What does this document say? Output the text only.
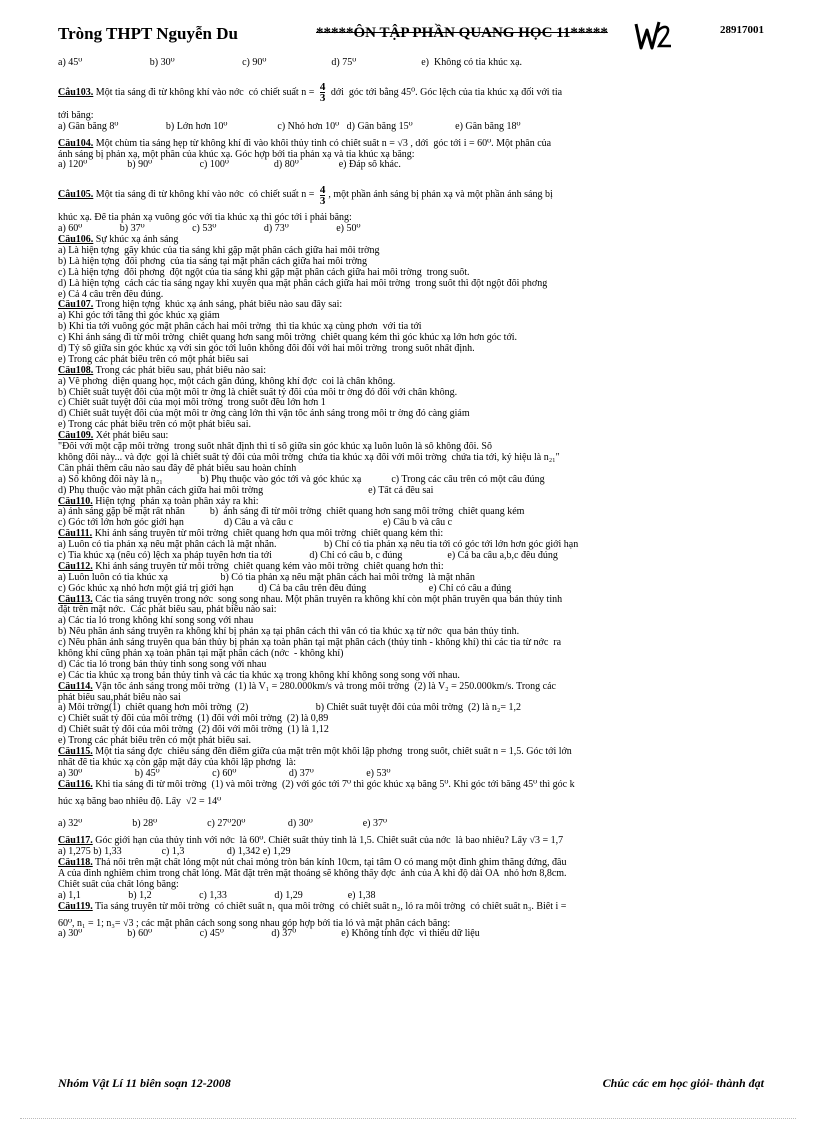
Tròng THPT Nguyễn Du	*****ÔN TẬP PHẦN QUANG HỌC 11*****	28917001
a) 45⁰                           b) 30⁰                           c) 90⁰                          d) 75⁰                          e)  Không có tia khúc xạ.
Câu103. Một tia sáng đi từ không khí vào nớc  có chiết suất $n = \frac{4}{3}$ dới  góc tới bằng 45⁰. Góc lệch của tia khúc xạ đối với tia
tới bằng:
a) Gần bằng 8⁰                   b) Lớn hơn 10⁰                    c) Nhỏ hơn 10⁰   d) Gần bằng 15⁰                 e) Gần bằng 18⁰
Câu104. Một chùm tia sáng hẹp từ không khí đi vào khối thủy tinh có chiết suất n = √3 , dới  góc tới i = 60⁰. Một phần của
ánh sáng bị phản xạ, một phần của khúc xạ. Góc hợp bởi tia phản xạ và tia khúc xạ bằng:
a) 120⁰                b) 90⁰                   c) 100⁰                  d) 80⁰                e) Đáp số khác.
Câu105. Một tia sáng đi từ không khí vào nớc  có chiết suất $n = \frac{4}{3}$ , một phần ánh sáng bị phản xạ và một phần ánh sáng bị
khúc xạ. Để tia phản xạ vuông góc với tia khúc xạ thì góc tới i phải bằng:
a) 60⁰               b) 37⁰                   c) 53⁰                   d) 73⁰                   e) 50⁰
Câu106. Sự khúc xạ ánh sáng
a) Là hiện tợng  gãy khúc của tia sáng khi gặp mặt phân cách giữa hai môi trờng
b) Là hiện tợng  đổi phơng  của tia sáng tại mặt phân cách giữa hai môi trờng
c) Là hiện tợng  đổi phơng  đột ngột của tia sáng khi gặp mặt phân cách giữa hai môi trờng  trong suốt.
d) Là hiện tợng  cách các tia sáng ngay khi xuyên qua mặt phân cách giữa hai môi trờng  trong suốt thì đột ngột đổi phơng
e) Cả 4 câu trên đều đúng.
Câu107. Trong hiện tợng  khúc xạ ánh sáng, phát biểu nào sau đây sai:
a) Khi góc tới tăng thì góc khúc xạ giảm
b) Khi tia tới vuông góc mặt phân cách hai môi trờng  thì tia khúc xạ cùng phơn  với tia tới
c) Khi ánh sáng đi từ môi trờng  chiết quang hơn sang môi trờng  chiết quang kém thì góc khúc xạ lớn hơn góc tới.
d) Tỷ số giữa sin góc khúc xạ với sin góc tới luôn không đổi đối với hai môi trờng  trong suốt nhất định.
e) Trong các phát biểu trên có một phát biểu sai
Câu108. Trong các phát biểu sau, phát biểu nào sai:
a) Về phơng  diện quang học, một cách gần đúng, không khí đợc  coi là chân không.
b) Chiết suất tuyệt đối của một môi tr ờng là chiết suất tỷ đối của môi tr ờng đó đối với chân không.
c) Chiết suất tuyệt đối của mọi môi trờng  trong suốt đều lớn hơn 1
d) Chiết suất tuyệt đối của một môi tr ờng càng lớn thì vận tốc ánh sáng trong môi tr ờng đó càng giảm
e) Trong các phát biểu trên có một phát biểu sai.
Câu109. Xét phát biểu sau:
"Đối với một cặp môi trờng  trong suốt nhất định thì tỉ số giữa sin góc khúc xạ luôn luôn là số không đổi. Số
không đổi này... và đợc  gọi là chiết suất tỷ đối của môi trờng  chứa tia khúc xạ đối với môi trờng  chứa tia tới, ký hiệu là n₂₁"
Cần phải thêm câu nào sau đây để phát biểu sau hoàn chỉnh
a) Số không đổi này là n₂₁               b) Phụ thuộc vào góc tới và góc khúc xạ            c) Trong các câu trên có một câu đúng
d) Phụ thuộc vào mặt phân cách giữa hai môi trờng                                          e) Tất cả đều sai
Câu110. Hiện tợng  phản xạ toàn phần xảy ra khi:
a) ánh sáng gặp bề mặt rất nhẵn          b)  ánh sáng đi từ môi trờng  chiết quang hơn sang môi trờng  chiết quang kém
c) Góc tới lớn hơn góc giới hạn                d) Câu a và câu c                                    e) Câu b và câu c
Câu111. Khi ánh sáng truyền từ môi trờng  chiết quang hơn qua môi trờng  chiết quang kém thì:
a) Luôn có tia phản xạ nếu mặt phân cách là mặt nhẵn.                   b) Chỉ có tia phản xạ nếu tia tới có góc tới lớn hơn góc giới hạn
c) Tia khúc xạ (nếu có) lệch xa pháp tuyến hơn tia tới               d) Chỉ có câu b, c đúng                  e) Cả ba câu a,b,c đều đúng
Câu112. Khi ánh sáng truyền từ môi trờng  chiết quang kém vào môi trờng  chiết quang hơn thì:
a) Luôn luôn có tia khúc xạ                     b) Có tia phản xạ nếu mặt phân cách hai môi trờng  là mặt nhẵn
c) Góc khúc xạ nhỏ hơn một giá trị giới hạn          d) Cả ba câu trên đều đúng                         e) Chỉ có câu a đúng
Câu113. Các tia sáng truyền trong nớc  song song nhau. Một phần truyền ra không khí còn một phần truyền qua bản thủy tinh
đặt trên mặt nớc.  Các phát biểu sau, phát biểu nào sai:
a) Các tia ló trong không khí song song với nhau
b) Nếu phần ánh sáng truyền ra không khí bị phản xạ tại phân cách thì vẫn có tia khúc xạ từ nớc  qua bản thủy tinh.
c) Nếu phần ánh sáng truyền qua bản thủy bị phản xạ toàn phần tại mặt phân cách (thủy tinh - không khí) thì các tia từ nớc  ra
không khí cũng phản xạ toàn phần tại mặt phân cách (nớc  - không khí)
d) Các tia ló trong bản thủy tinh song song với nhau
e) Các tia khúc xạ trong bản thủy tinh và các tia khúc xạ trong không khí không song song với nhau.
Câu114. Vận tốc ánh sáng trong môi trờng  (1) là V₁ = 280.000km/s và trong môi trờng  (2) là V₂ = 250.000km/s. Trong các
phát biểu sau,phát biểu nào sai
a) Môi trờng(1)  chiết quang hơn môi trờng  (2)                           b) Chiết suất tuyệt đối của môi trờng  (2) là n₂= 1,2
c) Chiết suất tỷ đối của môi trờng  (1) đối với môi trờng  (2) là 0,89
d) Chiết suất tỷ đối của môi trờng  (2) đối với môi trờng  (1) là 1,12
e) Trong các phát biểu trên có một phát biểu sai.
Câu115. Một tia sáng đợc  chiếu sáng đến điểm giữa của mặt trên một khối lập phơng  trong suốt, chiết suất n = 1,5. Góc tới lớn
nhất để tia khúc xạ còn gặp mặt đáy của khối lập phơng  là:
a) 30⁰                     b) 45⁰                     c) 60⁰                     d) 37⁰                     e) 53⁰
Câu116. Khi tia sáng đi từ môi trờng  (1) và môi trờng  (2) với góc tới 7⁰ thì góc khúc xạ bằng 5⁰. Khi góc tới bằng 45⁰ thì góc k
húc xạ bằng bao nhiêu độ. Lấy  √2 = 14⁰
a) 32⁰                    b) 28⁰                    c) 27⁰20⁰                 d) 30⁰                    e) 37⁰
Câu117. Góc giới hạn của thủy tinh với nớc  là 60⁰. Chiết suất thủy tinh là 1,5. Chiết suất của nớc  là bao nhiêu? Lấy √3 = 1,7
a) 1,275 b) 1,33                c) 1,3                 d) 1,342 e) 1,29
Câu118. Thả nổi trên mặt chất lỏng một nút chai mỏng tròn bán kính 10cm, tại tâm O có mang một đinh ghim thẳng đứng, đầu
A của đinh nghiêm chìm trong chất lỏng. Mắt đặt trên mặt thoáng sẽ không thấy đợc  ảnh của A khi độ dài OA  nhỏ hơn 8,8cm.
Chiết suất của chất lỏng bằng:
a) 1,1                   b) 1,2                   c) 1,33                   d) 1,29                  e) 1,38
Câu119. Tia sáng truyền từ môi trờng  có chiết suất n₁ qua môi trờng  có chiết suất n₂, ló ra môi trờng  có chiết suất n₃. Biết i =
60⁰, n₁ = 1; n₃= √3 ; các mặt phân cách song song nhau góp hợp bởi tia ló và mặt phân cách bằng:
a) 30⁰                  b) 60⁰                   c) 45⁰                   d) 37⁰                  e) Không tính đợc  vì thiếu dữ liệu
Nhóm Vật Lí 11 biên soạn 12-2008	Chúc các em học giỏi- thành đạt
